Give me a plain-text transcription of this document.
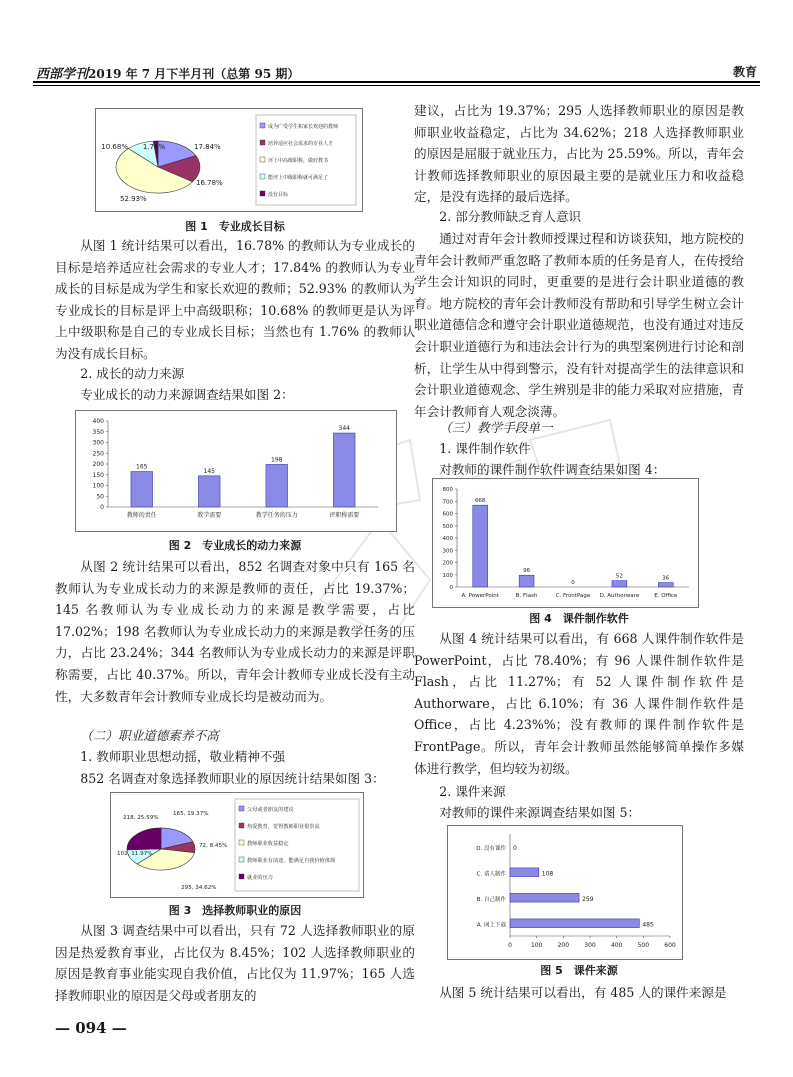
西部学刊2019 年 7 月下半月刊（总第 95 期）	教育
17.84%
16.78%
52.93%
10.68% 1.76%
成为广受学生和家长欢迎的教师
培养适应社会需求的专业人才
评上中高级职称，做好教书
能评上中级职称就可满足了
没有目标

图 1　专业成长目标

从图 1 统计结果可以看出，16.78% 的教师认为专业成长的目标是培养适应社会需求的专业人才；17.84% 的教师认为专业成长的目标是成为学生和家长欢迎的教师；52.93% 的教师认为专业成长的目标是评上中高级职称；10.68% 的教师更是认为评上中级职称是自己的专业成长目标；当然也有 1.76% 的教师认为没有成长目标。

2. 成长的动力来源

专业成长的动力来源调查结果如图 2：

图 2　专业成长的动力来源

从图 2 统计结果可以看出，852 名调查对象中只有 165 名教师认为专业成长动力的来源是教师的责任，占比 19.37%；145 名教师认为专业成长动力的来源是教学需要，占比 17.02%；198 名教师认为专业成长动力的来源是教学任务的压力，占比 23.24%；344 名教师认为专业成长动力的来源是评职称需要，占比 40.37%。所以，青年会计教师专业成长没有主动性，大多数青年会计教师专业成长均是被动而为。

（二）职业道德素养不高

1. 教师职业思想动摇，敬业精神不强

852 名调查对象选择教师职业的原因统计结果如图 3：

图 3　选择教师职业的原因

从图 3 调查结果中可以看出，只有 72 人选择教师职业的原因是热爱教育事业，占比仅为 8.45%；102 人选择教师职业的原因是教育事业能实现自我价值，占比仅为 11.97%；165 人选择教师职业的原因是父母或者朋友的

0
50
100
150
200
250
300
350
400
165
教师的责任
145
教学需要
198
教学任务的压力
344
评职称需要
165, 19.37%
72, 8.45%
295, 34.62%
102, 11.97%
218, 25.59%
父母或者朋友的建议
热爱教育，觉得教师职业很崇高
教师职业收益稳定
教师职业有前途，能满足自我价值体现
就业的压力

建议，占比为 19.37%；295 人选择教师职业的原因是教师职业收益稳定，占比为 34.62%；218 人选择教师职业的原因是屈服于就业压力，占比为 25.59%。所以，青年会计教师选择教师职业的原因最主要的是就业压力和收益稳定，是没有选择的最后选择。

2. 部分教师缺乏育人意识

通过对青年会计教师授课过程和访谈获知，地方院校的青年会计教师严重忽略了教师本质的任务是育人，在传授给学生会计知识的同时，更重要的是进行会计职业道德的教育。地方院校的青年会计教师没有帮助和引导学生树立会计职业道德信念和遵守会计职业道德规范，也没有通过对违反会计职业道德行为和违法会计行为的典型案例进行讨论和剖析，让学生从中得到警示，没有针对提高学生的法律意识和会计职业道德观念、学生辨别是非的能力采取对应措施，青年会计教师育人观念淡薄。

（三）教学手段单一

1. 课件制作软件

对教师的课件制作软件调查结果如图 4：

图 4　课件制作软件

从图 4 统计结果可以看出，有 668 人课件制作软件是 PowerPoint，占比 78.40%；有 96 人课件制作软件是 Flash，占比 11.27%；有 52 人课件制作软件是 Authorware，占比 6.10%；有 36 人课件制作软件是 Office，占比 4.23%%；没有教师的课件制作软件是 FrontPage。所以，青年会计教师虽然能够简单操作多媒体进行教学，但均较为初级。

2. 课件来源

对教师的课件来源调查结果如图 5：

图 5　课件来源

从图 5 统计结果可以看出，有 485 人的课件来源是

0
100
200
300
400
500
600
700
800
668
A. PowerPoint
96
B. Flash
0
C. FrontPage
52
D. Authorware
36
E. Office
0	100	200	300	400	500	600
485
A. 网上下载
259
B. 自己制作
108
C. 请人制作
0
D. 没有课件
— 094 —
